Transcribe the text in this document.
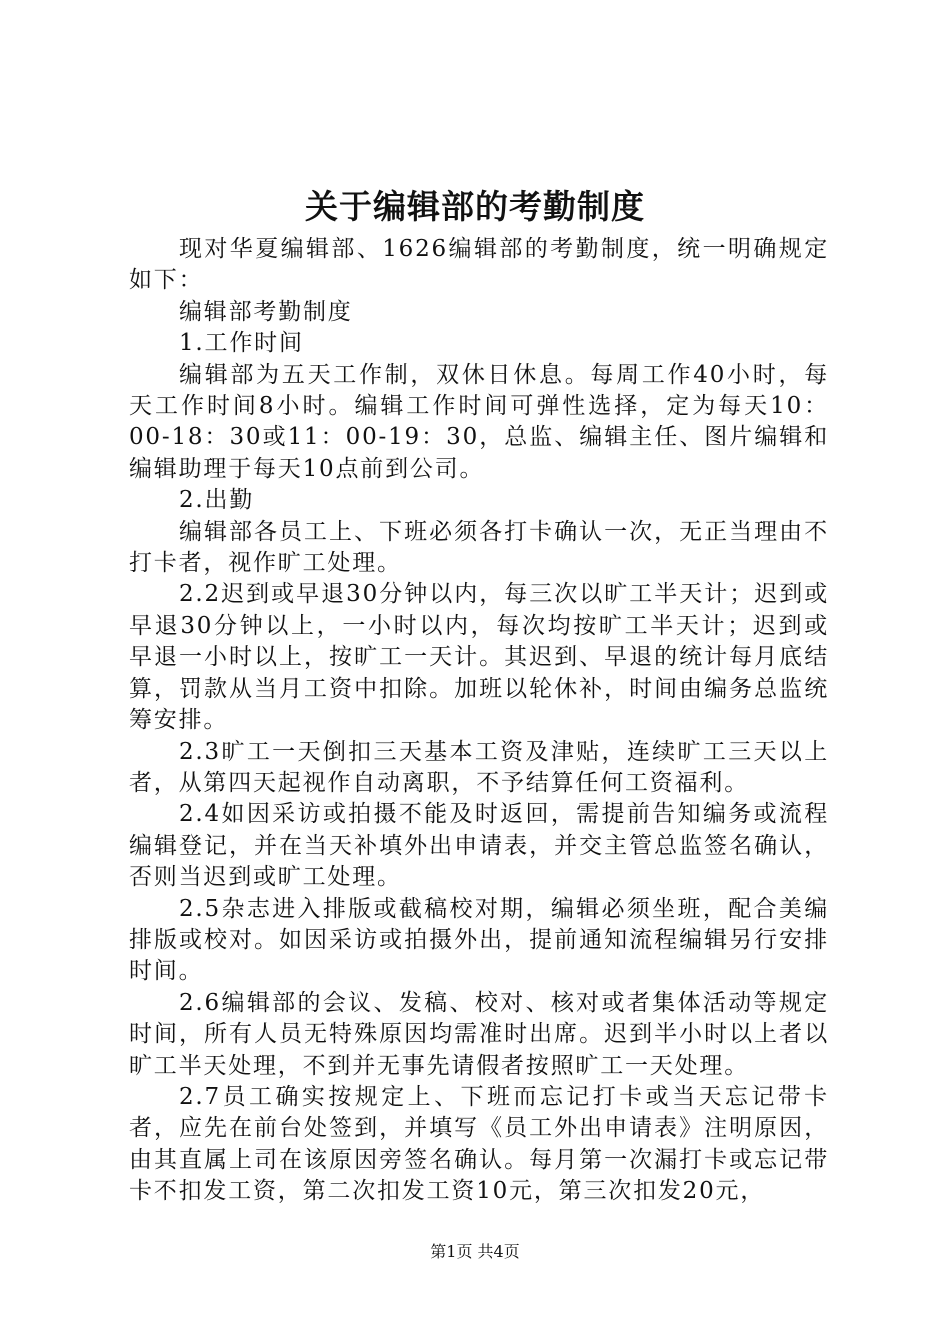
关于编辑部的考勤制度

现对华夏编辑部、1626编辑部的考勤制度，统一明确规定如下：

编辑部考勤制度

1.工作时间

编辑部为五天工作制，双休日休息。每周工作40小时，每天工作时间8小时。编辑工作时间可弹性选择，定为每天10：00-18：30或11：00-19：30，总监、编辑主任、图片编辑和编辑助理于每天10点前到公司。

2.出勤

编辑部各员工上、下班必须各打卡确认一次，无正当理由不打卡者，视作旷工处理。

2.2迟到或早退30分钟以内，每三次以旷工半天计；迟到或早退30分钟以上，一小时以内，每次均按旷工半天计；迟到或早退一小时以上，按旷工一天计。其迟到、早退的统计每月底结算，罚款从当月工资中扣除。加班以轮休补，时间由编务总监统筹安排。

2.3旷工一天倒扣三天基本工资及津贴，连续旷工三天以上者，从第四天起视作自动离职，不予结算任何工资福利。

2.4如因采访或拍摄不能及时返回，需提前告知编务或流程编辑登记，并在当天补填外出申请表，并交主管总监签名确认，否则当迟到或旷工处理。

2.5杂志进入排版或截稿校对期，编辑必须坐班，配合美编排版或校对。如因采访或拍摄外出，提前通知流程编辑另行安排时间。

2.6编辑部的会议、发稿、校对、核对或者集体活动等规定时间，所有人员无特殊原因均需准时出席。迟到半小时以上者以旷工半天处理，不到并无事先请假者按照旷工一天处理。

2.7员工确实按规定上、下班而忘记打卡或当天忘记带卡者，应先在前台处签到，并填写《员工外出申请表》注明原因，由其直属上司在该原因旁签名确认。每月第一次漏打卡或忘记带卡不扣发工资，第二次扣发工资10元，第三次扣发20元，

第1页 共4页
